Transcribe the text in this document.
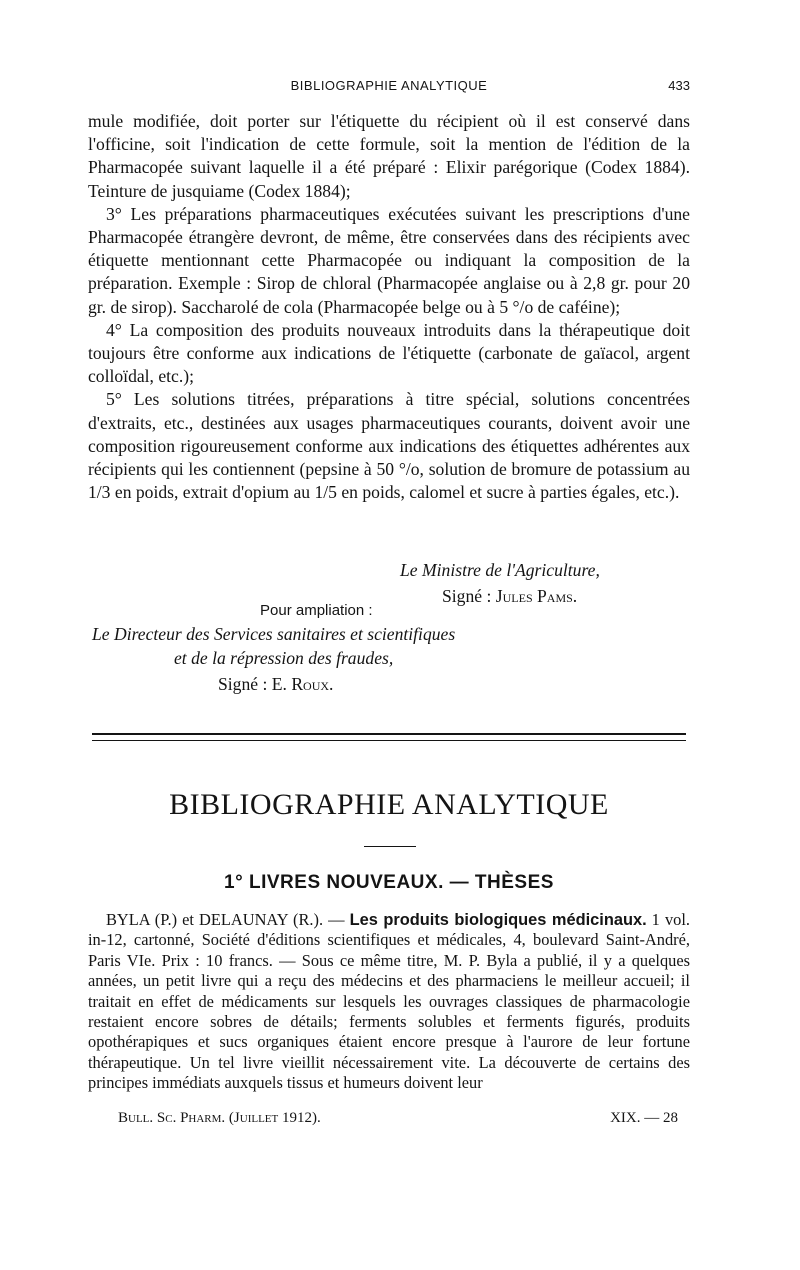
BIBLIOGRAPHIE ANALYTIQUE	433

mule modifiée, doit porter sur l'étiquette du récipient où il est conservé dans l'officine, soit l'indication de cette formule, soit la mention de l'édition de la Pharmacopée suivant laquelle il a été préparé : Elixir parégorique (Codex 1884). Teinture de jusquiame (Codex 1884);

3° Les préparations pharmaceutiques exécutées suivant les prescriptions d'une Pharmacopée étrangère devront, de même, être conservées dans des récipients avec étiquette mentionnant cette Pharmacopée ou indiquant la composition de la préparation. Exemple : Sirop de chloral (Pharmacopée anglaise ou à 2,8 gr. pour 20 gr. de sirop). Saccharolé de cola (Pharmacopée belge ou à 5 °/o de caféine);

4° La composition des produits nouveaux introduits dans la thérapeutique doit toujours être conforme aux indications de l'étiquette (carbonate de gaïacol, argent colloïdal, etc.);

5° Les solutions titrées, préparations à titre spécial, solutions concentrées d'extraits, etc., destinées aux usages pharmaceutiques courants, doivent avoir une composition rigoureusement conforme aux indications des étiquettes adhérentes aux récipients qui les contiennent (pepsine à 50 °/o, solution de bromure de potassium au 1/3 en poids, extrait d'opium au 1/5 en poids, calomel et sucre à parties égales, etc.).

Le Ministre de l'Agriculture,
Signé : Jules Pams.
Pour ampliation :
Le Directeur des Services sanitaires et scientifiques
et de la répression des fraudes,
Signé : E. Roux.
BIBLIOGRAPHIE ANALYTIQUE
1° LIVRES NOUVEAUX. — THÈSES

BYLA (P.) et DELAUNAY (R.). — Les produits biologiques médicinaux. 1 vol. in-12, cartonné, Société d'éditions scientifiques et médicales, 4, boulevard Saint-André, Paris VIe. Prix : 10 francs. — Sous ce même titre, M. P. Byla a publié, il y a quelques années, un petit livre qui a reçu des médecins et des pharmaciens le meilleur accueil; il traitait en effet de médicaments sur lesquels les ouvrages classiques de pharmacologie restaient encore sobres de détails; ferments solubles et ferments figurés, produits opothérapiques et sucs organiques étaient encore presque à l'aurore de leur fortune thérapeutique. Un tel livre vieillit nécessairement vite. La découverte de certains des principes immédiats auxquels tissus et humeurs doivent leur

Bull. Sc. Pharm. (Juillet 1912).	XIX. — 28
